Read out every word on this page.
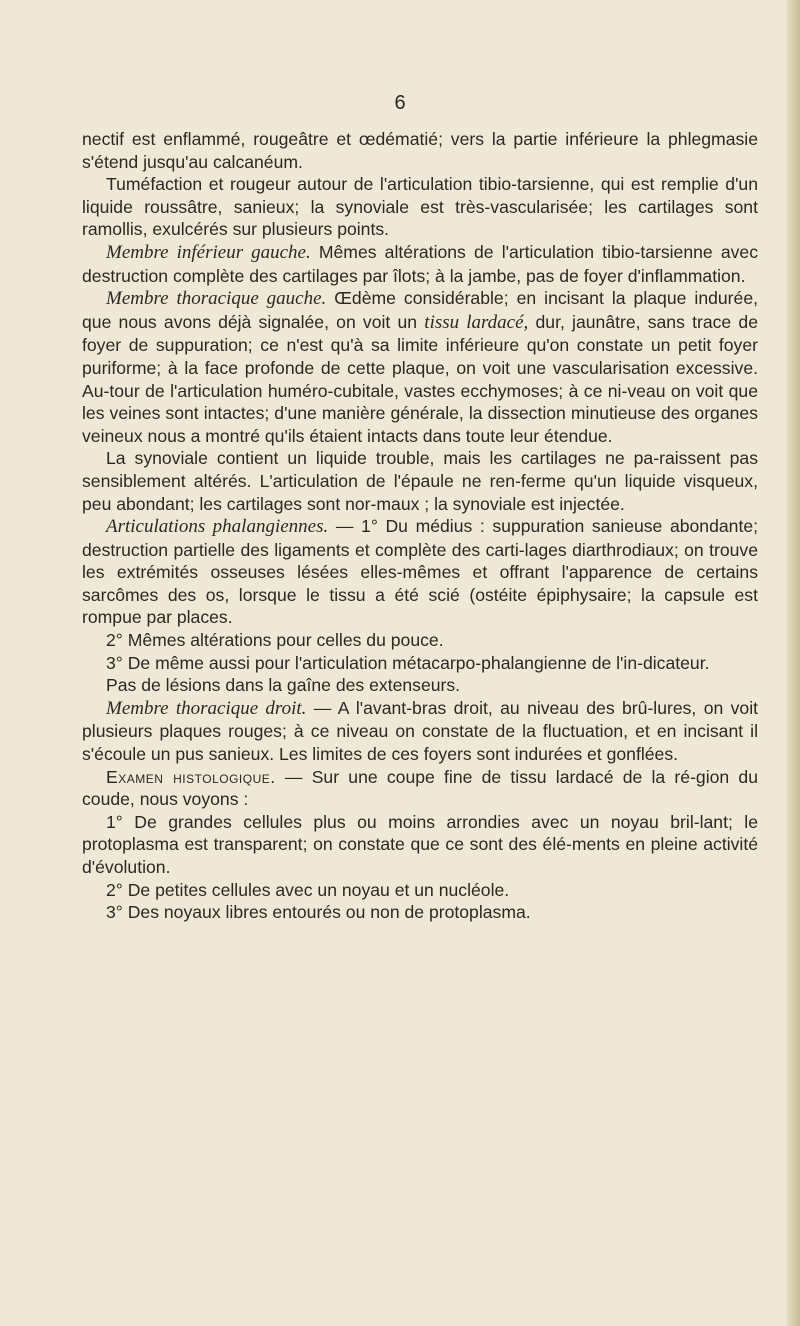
6

nectif est enflammé, rougeâtre et œdématié; vers la partie inférieure la phlegmasie s'étend jusqu'au calcanéum.

Tuméfaction et rougeur autour de l'articulation tibio-tarsienne, qui est remplie d'un liquide roussâtre, sanieux; la synoviale est très-vascularisée; les cartilages sont ramollis, exulcérés sur plusieurs points.

Membre inférieur gauche. Mêmes altérations de l'articulation tibio-tarsienne avec destruction complète des cartilages par îlots; à la jambe, pas de foyer d'inflammation.

Membre thoracique gauche. Œdème considérable; en incisant la plaque indurée, que nous avons déjà signalée, on voit un tissu lardacé, dur, jaunâtre, sans trace de foyer de suppuration; ce n'est qu'à sa limite inférieure qu'on constate un petit foyer puriforme; à la face profonde de cette plaque, on voit une vascularisation excessive. Au-tour de l'articulation huméro-cubitale, vastes ecchymoses; à ce ni-veau on voit que les veines sont intactes; d'une manière générale, la dissection minutieuse des organes veineux nous a montré qu'ils étaient intacts dans toute leur étendue.

La synoviale contient un liquide trouble, mais les cartilages ne pa-raissent pas sensiblement altérés. L'articulation de l'épaule ne ren-ferme qu'un liquide visqueux, peu abondant; les cartilages sont nor-maux ; la synoviale est injectée.

Articulations phalangiennes. — 1° Du médius : suppuration sanieuse abondante; destruction partielle des ligaments et complète des carti-lages diarthrodiaux; on trouve les extrémités osseuses lésées elles-mêmes et offrant l'apparence de certains sarcômes des os, lorsque le tissu a été scié (ostéite épiphysaire; la capsule est rompue par places.

2° Mêmes altérations pour celles du pouce.

3° De même aussi pour l'articulation métacarpo-phalangienne de l'in-dicateur.

Pas de lésions dans la gaîne des extenseurs.

Membre thoracique droit. — A l'avant-bras droit, au niveau des brû-lures, on voit plusieurs plaques rouges; à ce niveau on constate de la fluctuation, et en incisant il s'écoule un pus sanieux. Les limites de ces foyers sont indurées et gonflées.

Examen histologique. — Sur une coupe fine de tissu lardacé de la ré-gion du coude, nous voyons :

1° De grandes cellules plus ou moins arrondies avec un noyau bril-lant; le protoplasma est transparent; on constate que ce sont des élé-ments en pleine activité d'évolution.

2° De petites cellules avec un noyau et un nucléole.

3° Des noyaux libres entourés ou non de protoplasma.
